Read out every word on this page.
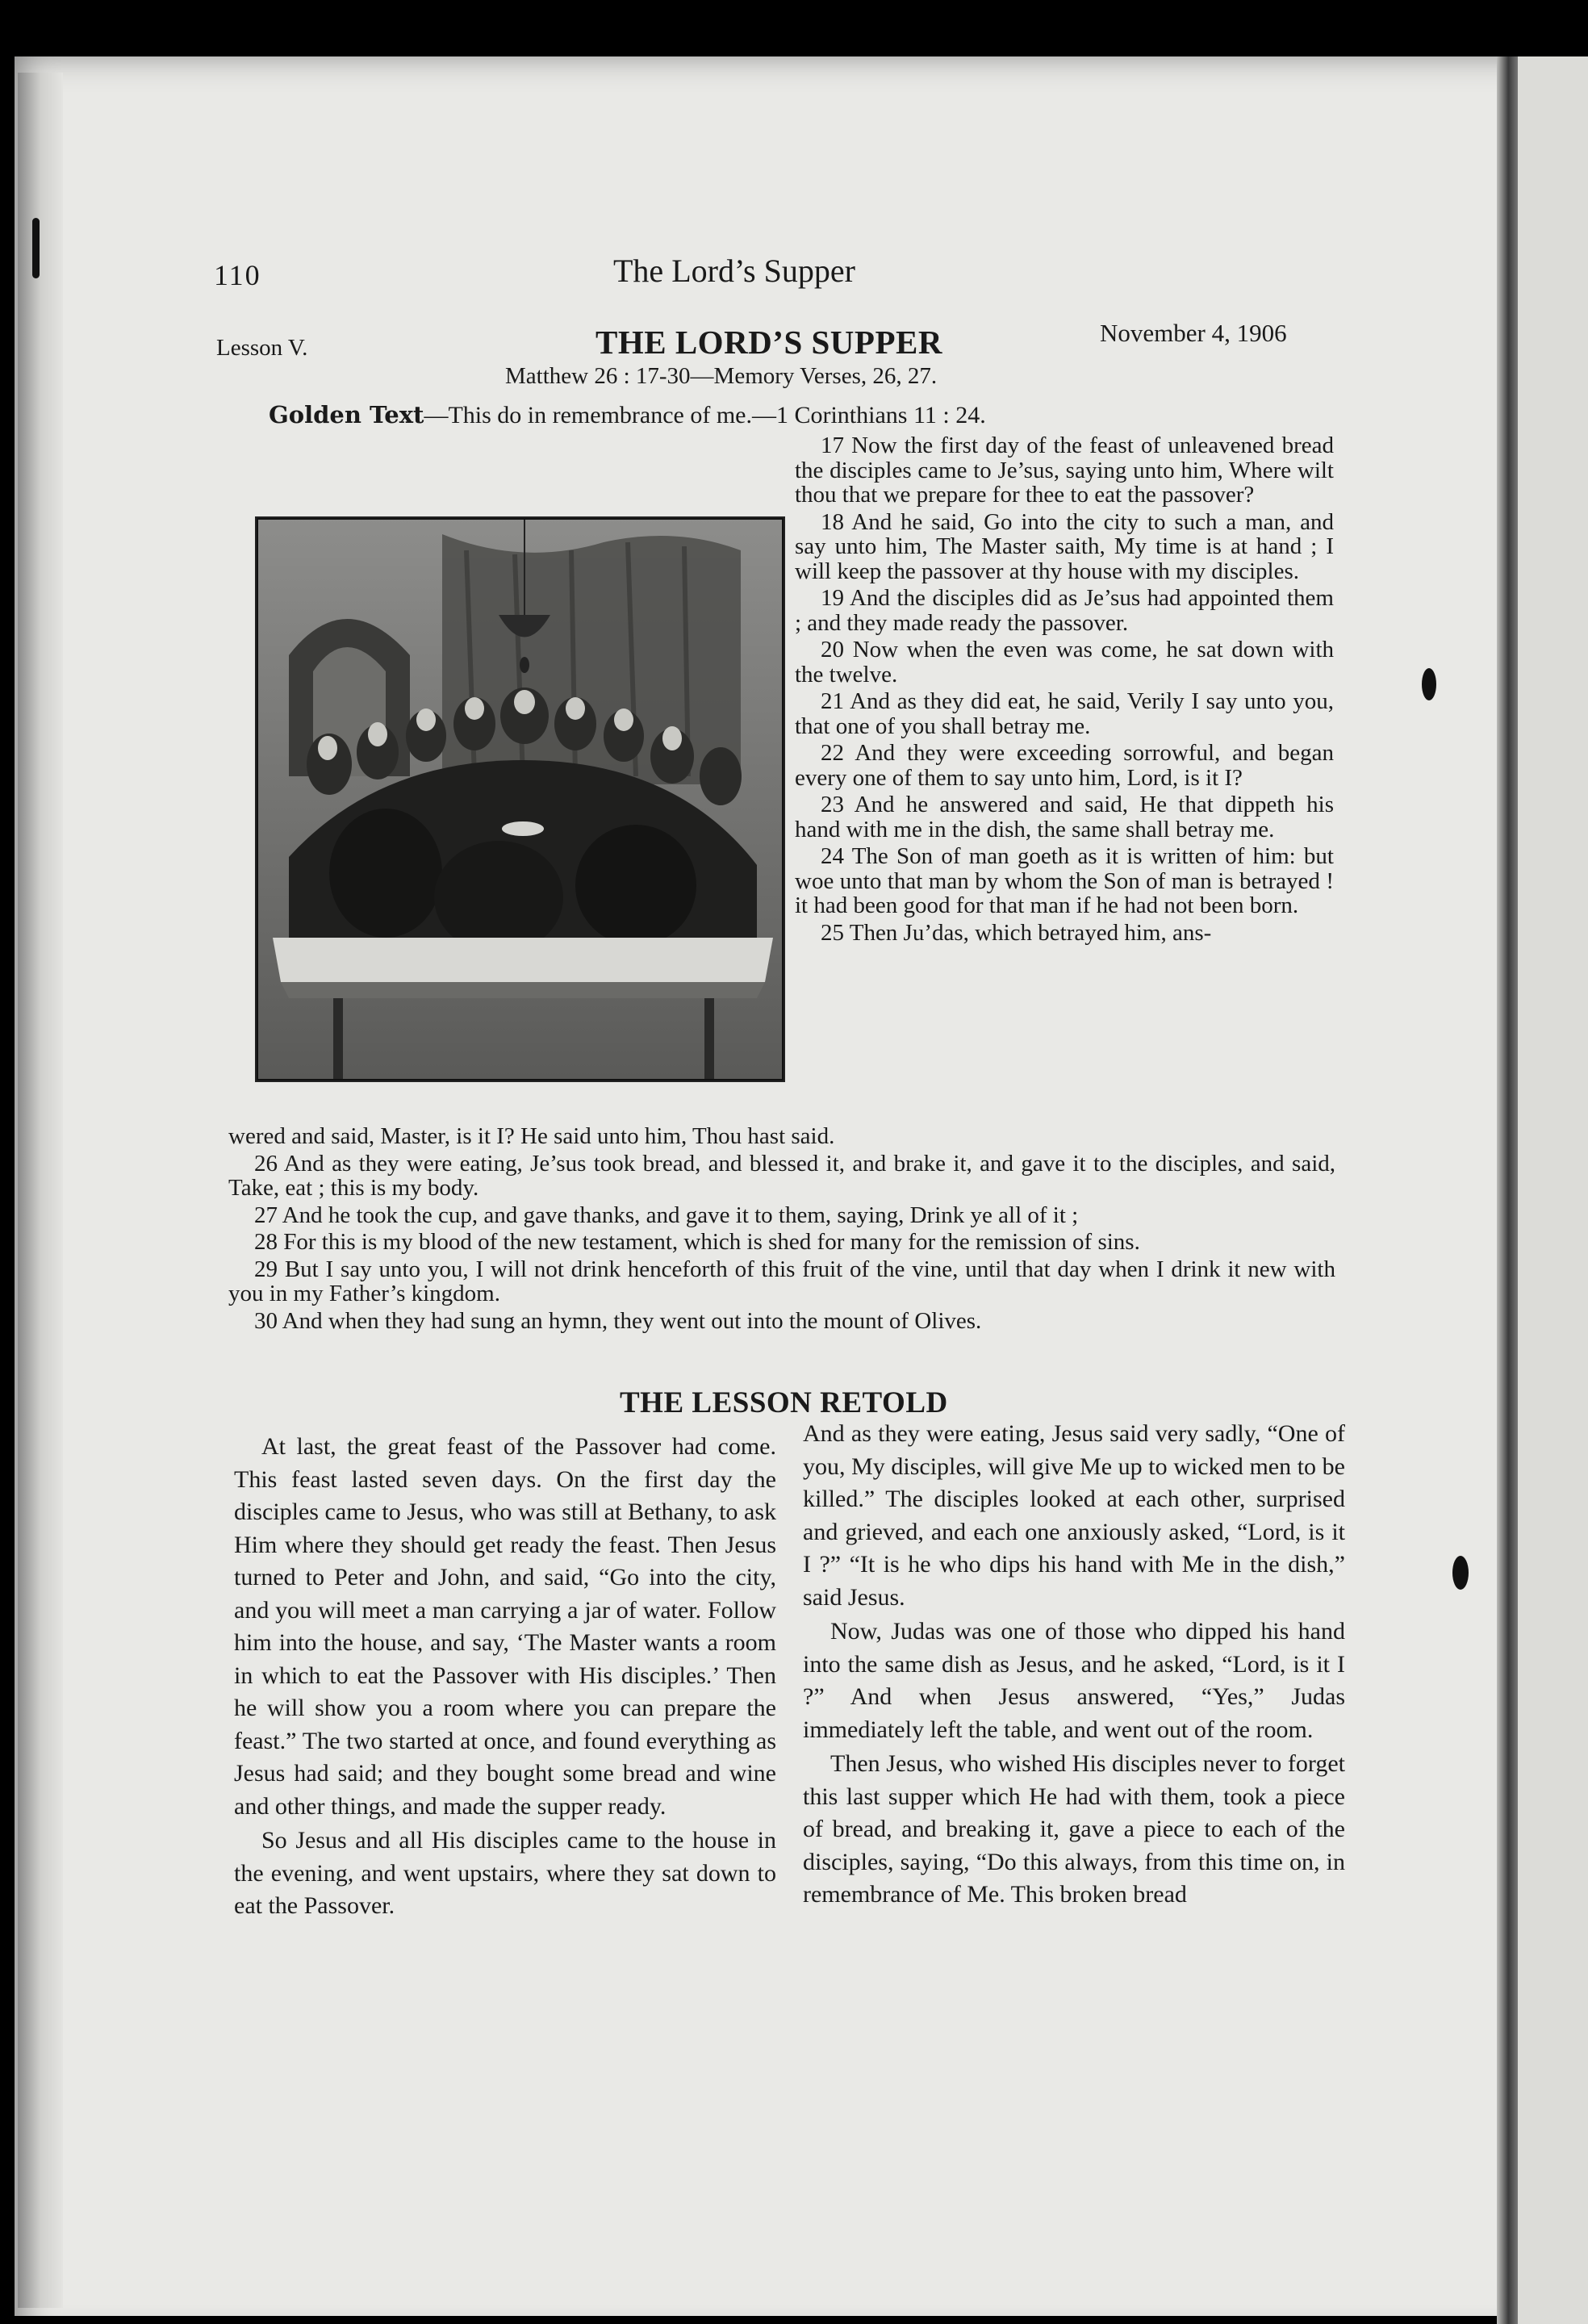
110	The Lord’s Supper
Lesson V.	THE LORD’S SUPPER	November 4, 1906
Matthew 26 : 17-30—Memory Verses, 26, 27.
Golden Text—This do in remembrance of me.—1 Corinthians 11 : 24.

17 Now the first day of the feast of unleavened bread the disciples came to Je’sus, saying unto him, Where wilt thou that we prepare for thee to eat the passover?

18 And he said, Go into the city to such a man, and say unto him, The Master saith, My time is at hand ; I will keep the passover at thy house with my disciples.

19 And the disciples did as Je’sus had appointed them ; and they made ready the passover.

20 Now when the even was come, he sat down with the twelve.

21 And as they did eat, he said, Verily I say unto you, that one of you shall betray me.

22 And they were exceeding sorrowful, and began every one of them to say unto him, Lord, is it I?

23 And he answered and said, He that dippeth his hand with me in the dish, the same shall betray me.

24 The Son of man goeth as it is written of him: but woe unto that man by whom the Son of man is betrayed ! it had been good for that man if he had not been born.

25 Then Ju’das, which betrayed him, ans-

wered and said, Master, is it I? He said unto him, Thou hast said.

26 And as they were eating, Je’sus took bread, and blessed it, and brake it, and gave it to the disciples, and said, Take, eat ; this is my body.

27 And he took the cup, and gave thanks, and gave it to them, saying, Drink ye all of it ;

28 For this is my blood of the new testament, which is shed for many for the remission of sins.

29 But I say unto you, I will not drink henceforth of this fruit of the vine, until that day when I drink it new with you in my Father’s kingdom.

30 And when they had sung an hymn, they went out into the mount of Olives.

THE LESSON RETOLD

At last, the great feast of the Passover had come. This feast lasted seven days. On the first day the disciples came to Jesus, who was still at Bethany, to ask Him where they should get ready the feast. Then Jesus turned to Peter and John, and said, “Go into the city, and you will meet a man carrying a jar of water. Follow him into the house, and say, ‘The Master wants a room in which to eat the Passover with His disciples.’ Then he will show you a room where you can prepare the feast.” The two started at once, and found everything as Jesus had said; and they bought some bread and wine and other things, and made the supper ready.

So Jesus and all His disciples came to the house in the evening, and went upstairs, where they sat down to eat the Passover.

And as they were eating, Jesus said very sadly, “One of you, My disciples, will give Me up to wicked men to be killed.” The disciples looked at each other, surprised and grieved, and each one anxiously asked, “Lord, is it I ?” “It is he who dips his hand with Me in the dish,” said Jesus.

Now, Judas was one of those who dipped his hand into the same dish as Jesus, and he asked, “Lord, is it I ?” And when Jesus answered, “Yes,” Judas immediately left the table, and went out of the room.

Then Jesus, who wished His disciples never to forget this last supper which He had with them, took a piece of bread, and breaking it, gave a piece to each of the disciples, saying, “Do this always, from this time on, in remembrance of Me. This broken bread
